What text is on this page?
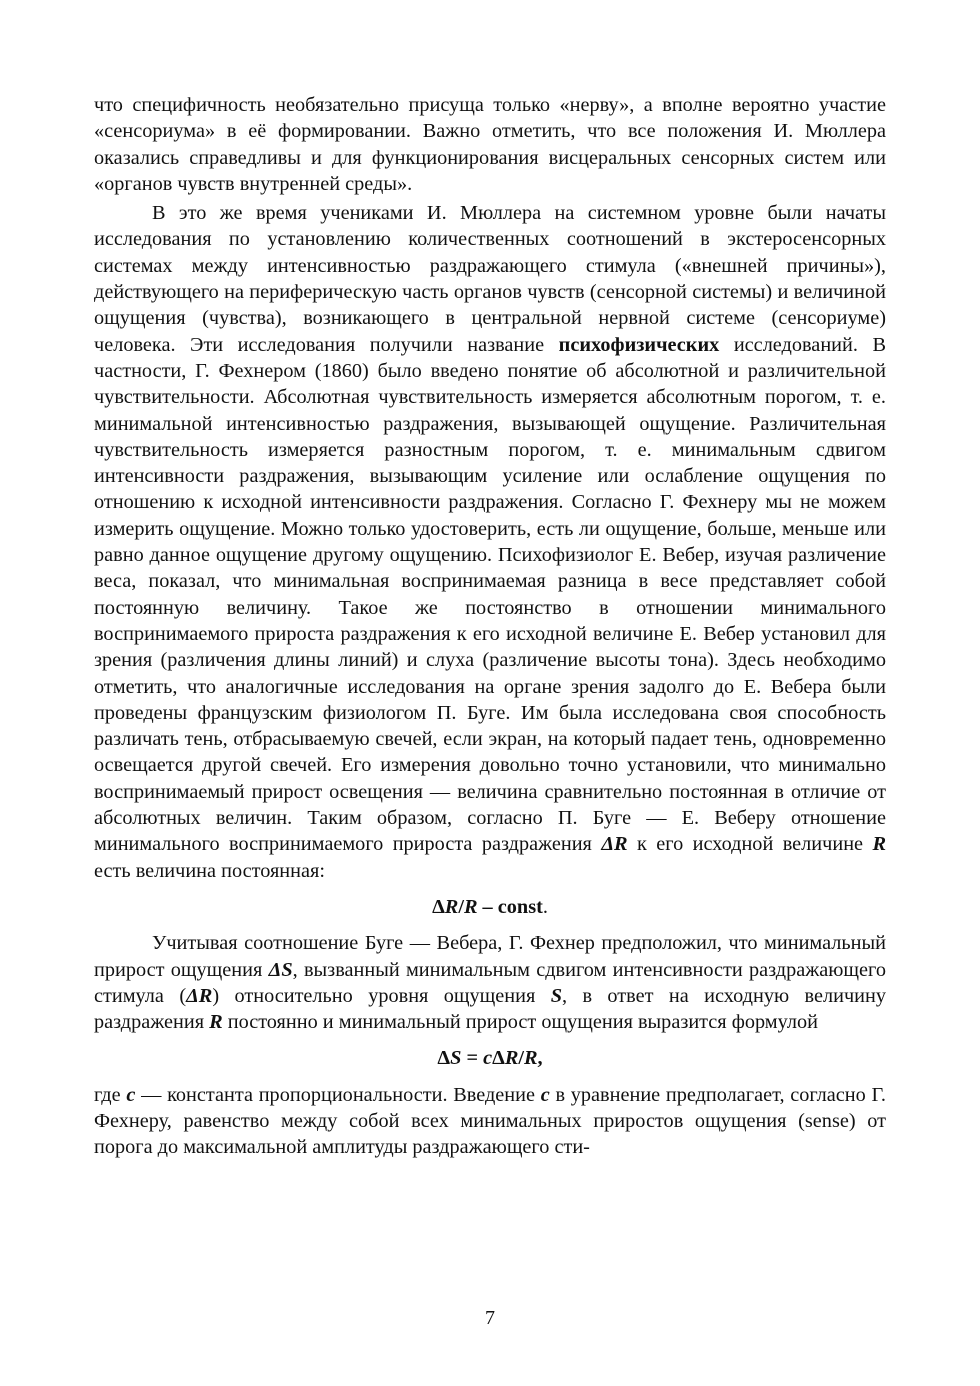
что специфичность необязательно присуща только «нерву», а вполне вероятно участие «сенсориума» в её формировании. Важно отметить, что все положения И. Мюллера оказались справедливы и для функционирования висцеральных сенсорных систем или «органов чувств внутренней среды».

В это же время учениками И. Мюллера на системном уровне были начаты исследования по установлению количественных соотношений в экстеросенсорных системах между интенсивностью раздражающего стимула («внешней причины»), действующего на периферическую часть органов чувств (сенсорной системы) и величиной ощущения (чувства), возникающего в центральной нервной системе (сенсориуме) человека. Эти исследования получили название психофизических исследований. В частности, Г. Фехнером (1860) было введено понятие об абсолютной и различительной чувствительности. Абсолютная чувствительность измеряется абсолютным порогом, т. е. минимальной интенсивностью раздражения, вызывающей ощущение. Различительная чувствительность измеряется разностным порогом, т. е. минимальным сдвигом интенсивности раздражения, вызывающим усиление или ослабление ощущения по отношению к исходной интенсивности раздражения. Согласно Г. Фехнеру мы не можем измерить ощущение. Можно только удостоверить, есть ли ощущение, больше, меньше или равно данное ощущение другому ощущению. Психофизиолог Е. Вебер, изучая различение веса, показал, что минимальная воспринимаемая разница в весе представляет собой постоянную величину. Такое же постоянство в отношении минимального воспринимаемого прироста раздражения к его исходной величине Е. Вебер установил для зрения (различения длины линий) и слуха (различение высоты тона). Здесь необходимо отметить, что аналогичные исследования на органе зрения задолго до Е. Вебера были проведены французским физиологом П. Буге. Им была исследована своя способность различать тень, отбрасываемую свечей, если экран, на который падает тень, одновременно освещается другой свечей. Его измерения довольно точно установили, что минимально воспринимаемый прирост освещения — величина сравнительно постоянная в отличие от абсолютных величин. Таким образом, согласно П. Буге — Е. Веберу отношение минимального воспринимаемого прироста раздражения ΔR к его исходной величине R есть величина постоянная:

ΔR/R – const.

Учитывая соотношение Буге — Вебера, Г. Фехнер предположил, что минимальный прирост ощущения ΔS, вызванный минимальным сдвигом интенсивности раздражающего стимула (ΔR) относительно уровня ощущения S, в ответ на исходную величину раздражения R постоянно и минимальный прирост ощущения выразится формулой

ΔS = cΔR/R,

где c — константа пропорциональности. Введение c в уравнение предполагает, согласно Г. Фехнеру, равенство между собой всех минимальных приростов ощущения (sense) от порога до максимальной амплитуды раздражающего сти-

7
